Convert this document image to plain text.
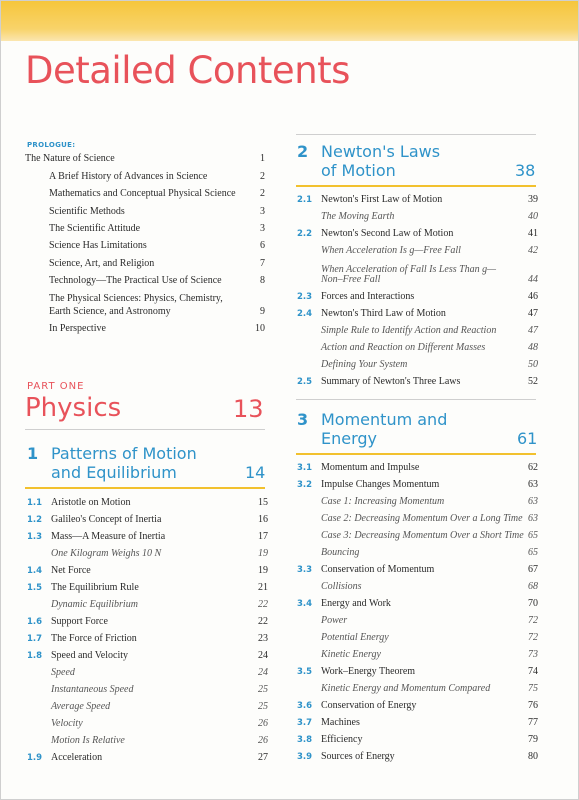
Detailed Contents
PROLOGUE:
The Nature of Science	1
A Brief History of Advances in Science	2
Mathematics and Conceptual Physical Science	2
Scientific Methods	3
The Scientific Attitude	3
Science Has Limitations	6
Science, Art, and Religion	7
Technology—The Practical Use of Science	8
The Physical Sciences: Physics, Chemistry,
Earth Science, and Astronomy	9
In Perspective	10
PART ONE
Physics	13
1 Patterns of Motion
and Equilibrium	14
1.1 Aristotle on Motion	15
1.2 Galileo's Concept of Inertia	16
1.3 Mass—A Measure of Inertia	17
One Kilogram Weighs 10 N	19
1.4 Net Force	19
1.5 The Equilibrium Rule	21
Dynamic Equilibrium	22
1.6 Support Force	22
1.7 The Force of Friction	23
1.8 Speed and Velocity	24
Speed	24
Instantaneous Speed	25
Average Speed	25
Velocity	26
Motion Is Relative	26
1.9 Acceleration	27
2 Newton's Laws
of Motion	38
2.1 Newton's First Law of Motion	39
The Moving Earth	40
2.2 Newton's Second Law of Motion	41
When Acceleration Is g—Free Fall	42
When Acceleration of Fall Is Less Than g—
Non–Free Fall	44
2.3 Forces and Interactions	46
2.4 Newton's Third Law of Motion	47
Simple Rule to Identify Action and Reaction	47
Action and Reaction on Different Masses	48
Defining Your System	50
2.5 Summary of Newton's Three Laws	52
3 Momentum and
Energy	61
3.1 Momentum and Impulse	62
3.2 Impulse Changes Momentum	63
Case 1: Increasing Momentum	63
Case 2: Decreasing Momentum Over a Long Time 63
Case 3: Decreasing Momentum Over a Short Time 65
Bouncing	65
3.3 Conservation of Momentum	67
Collisions	68
3.4 Energy and Work	70
Power	72
Potential Energy	72
Kinetic Energy	73
3.5 Work–Energy Theorem	74
Kinetic Energy and Momentum Compared	75
3.6 Conservation of Energy	76
3.7 Machines	77
3.8 Efficiency	79
3.9 Sources of Energy	80
